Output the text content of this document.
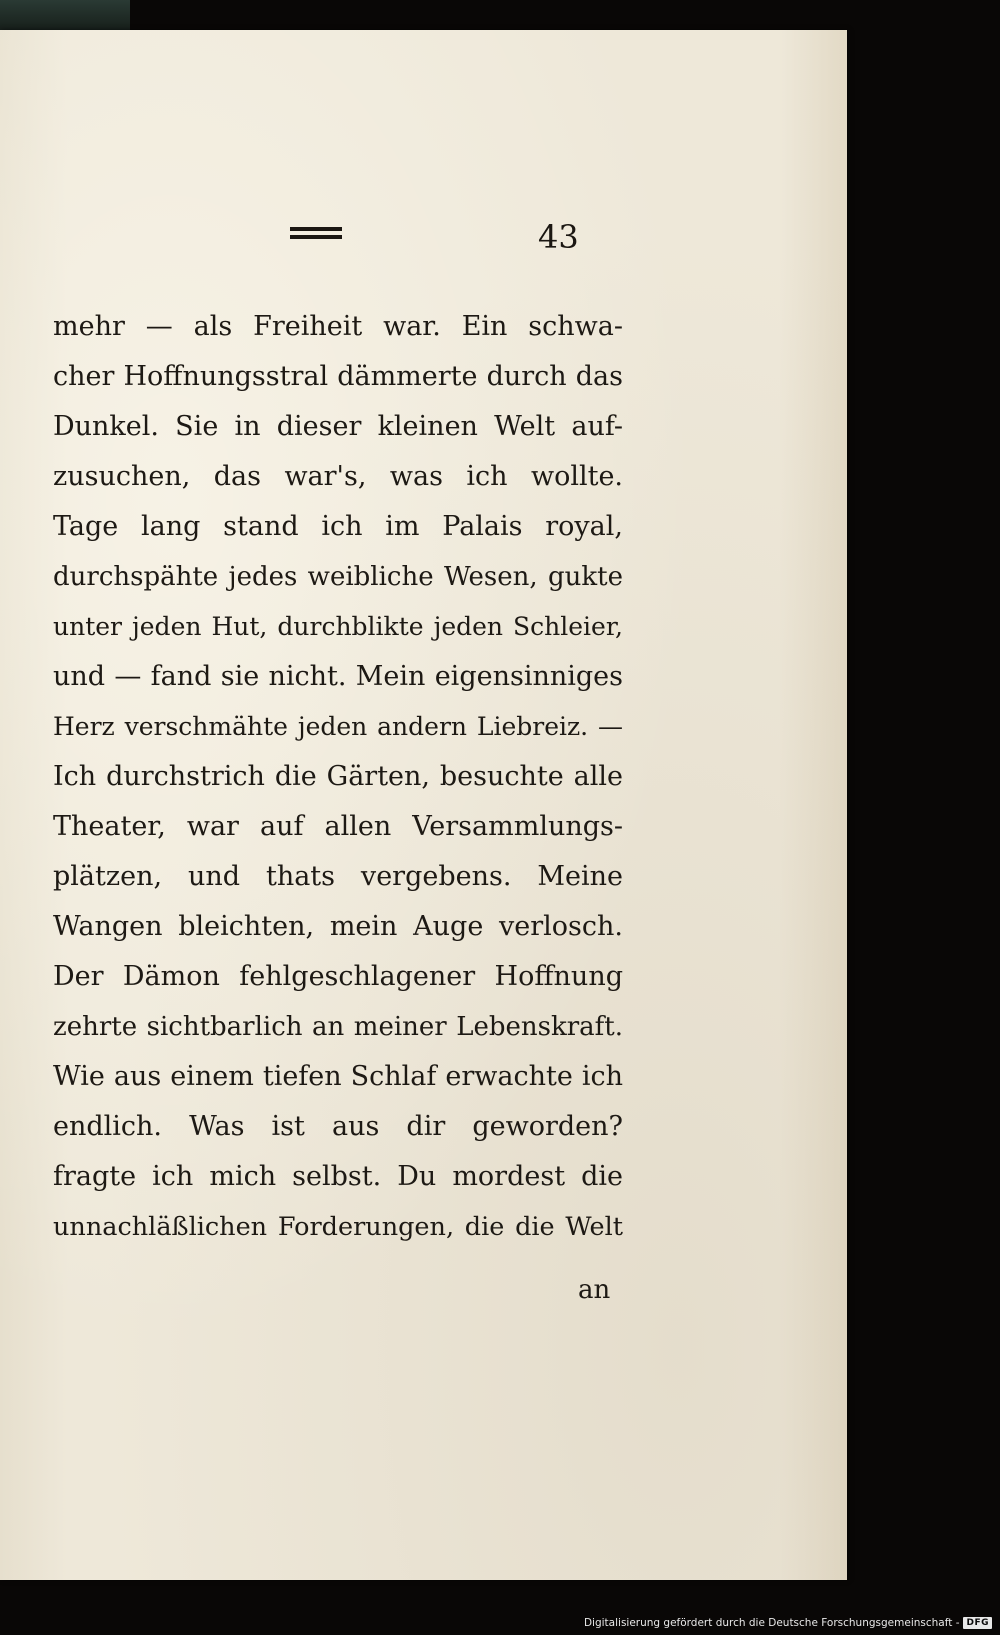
43
mehr — als Freiheit war. Ein schwa-
cher Hoffnungsstral dämmerte durch das
Dunkel. Sie in dieser kleinen Welt auf-
zusuchen, das war's, was ich wollte.
Tage lang stand ich im Palais royal,
durchspähte jedes weibliche Wesen, gukte
unter jeden Hut, durchblikte jeden Schleier,
und — fand sie nicht. Mein eigensinniges
Herz verschmähte jeden andern Liebreiz. —
Ich durchstrich die Gärten, besuchte alle
Theater, war auf allen Versammlungs-
plätzen, und thats vergebens. Meine
Wangen bleichten, mein Auge verlosch.
Der Dämon fehlgeschlagener Hoffnung
zehrte sichtbarlich an meiner Lebenskraft.
Wie aus einem tiefen Schlaf erwachte ich
endlich. Was ist aus dir geworden?
fragte ich mich selbst. Du mordest die
unnachläßlichen Forderungen, die die Welt
an
Digitalisierung gefördert durch die Deutsche Forschungsgemeinschaft - DFG
